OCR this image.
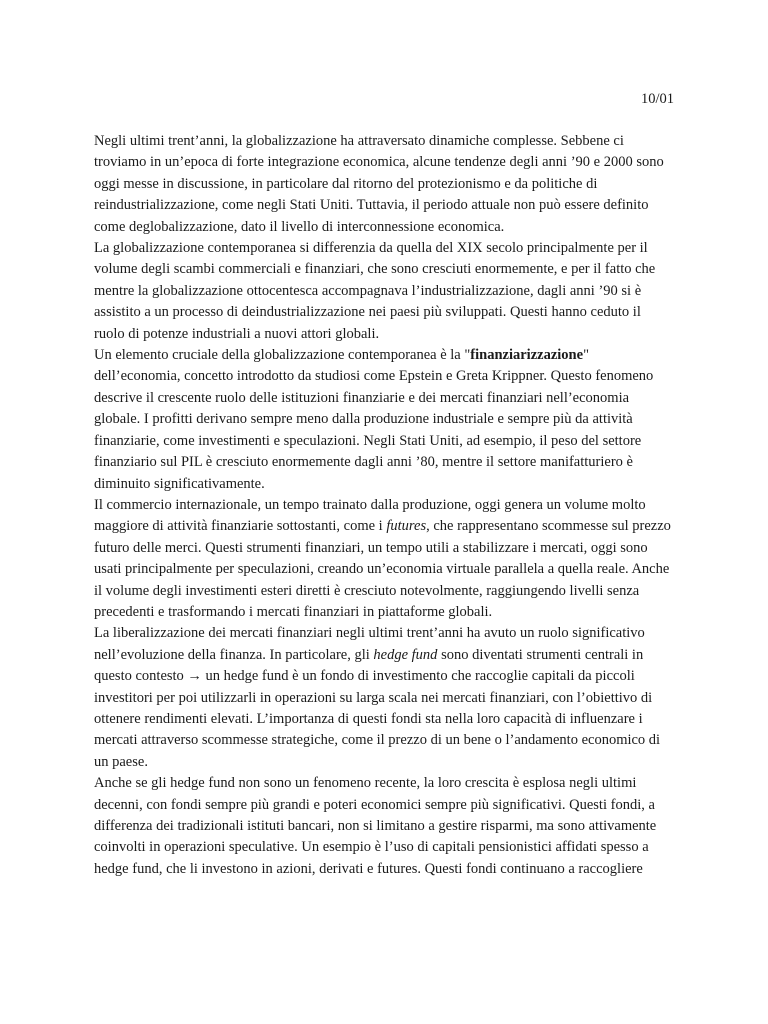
10/01

Negli ultimi trent’anni, la globalizzazione ha attraversato dinamiche complesse. Sebbene ci troviamo in un’epoca di forte integrazione economica, alcune tendenze degli anni ’90 e 2000 sono oggi messe in discussione, in particolare dal ritorno del protezionismo e da politiche di reindustrializzazione, come negli Stati Uniti. Tuttavia, il periodo attuale non può essere definito come deglobalizzazione, dato il livello di interconnessione economica.

La globalizzazione contemporanea si differenzia da quella del XIX secolo principalmente per il volume degli scambi commerciali e finanziari, che sono cresciuti enormemente, e per il fatto che mentre la globalizzazione ottocentesca accompagnava l’industrializzazione, dagli anni ’90 si è assistito a un processo di deindustrializzazione nei paesi più sviluppati. Questi hanno ceduto il ruolo di potenze industriali a nuovi attori globali.

Un elemento cruciale della globalizzazione contemporanea è la "finanziarizzazione" dell’economia, concetto introdotto da studiosi come Epstein e Greta Krippner. Questo fenomeno descrive il crescente ruolo delle istituzioni finanziarie e dei mercati finanziari nell’economia globale. I profitti derivano sempre meno dalla produzione industriale e sempre più da attività finanziarie, come investimenti e speculazioni. Negli Stati Uniti, ad esempio, il peso del settore finanziario sul PIL è cresciuto enormemente dagli anni ’80, mentre il settore manifatturiero è diminuito significativamente.

Il commercio internazionale, un tempo trainato dalla produzione, oggi genera un volume molto maggiore di attività finanziarie sottostanti, come i futures, che rappresentano scommesse sul prezzo futuro delle merci. Questi strumenti finanziari, un tempo utili a stabilizzare i mercati, oggi sono usati principalmente per speculazioni, creando un’economia virtuale parallela a quella reale. Anche il volume degli investimenti esteri diretti è cresciuto notevolmente, raggiungendo livelli senza precedenti e trasformando i mercati finanziari in piattaforme globali.

La liberalizzazione dei mercati finanziari negli ultimi trent’anni ha avuto un ruolo significativo nell’evoluzione della finanza. In particolare, gli hedge fund sono diventati strumenti centrali in questo contesto → un hedge fund è un fondo di investimento che raccoglie capitali da piccoli investitori per poi utilizzarli in operazioni su larga scala nei mercati finanziari, con l’obiettivo di ottenere rendimenti elevati. L’importanza di questi fondi sta nella loro capacità di influenzare i mercati attraverso scommesse strategiche, come il prezzo di un bene o l’andamento economico di un paese.

Anche se gli hedge fund non sono un fenomeno recente, la loro crescita è esplosa negli ultimi decenni, con fondi sempre più grandi e poteri economici sempre più significativi. Questi fondi, a differenza dei tradizionali istituti bancari, non si limitano a gestire risparmi, ma sono attivamente coinvolti in operazioni speculative. Un esempio è l’uso di capitali pensionistici affidati spesso a hedge fund, che li investono in azioni, derivati e futures. Questi fondi continuano a raccogliere
